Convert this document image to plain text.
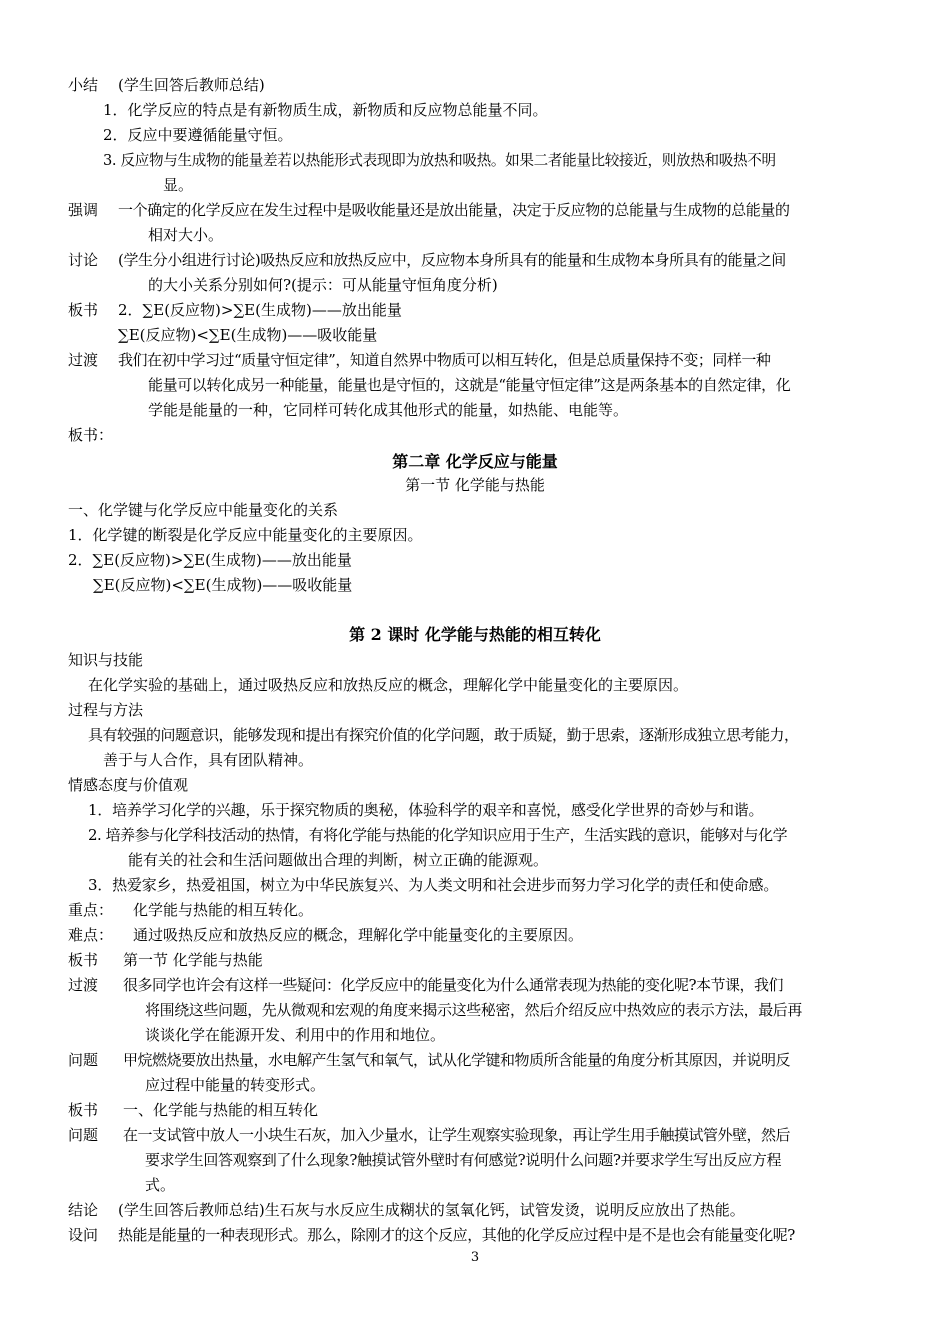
小结 (学生回答后教师总结)
1．化学反应的特点是有新物质生成，新物质和反应物总能量不同。
2．反应中要遵循能量守恒。
3. 反应物与生成物的能量差若以热能形式表现即为放热和吸热。如果二者能量比较接近，则放热和吸热不明
显。
强调 一个确定的化学反应在发生过程中是吸收能量还是放出能量，决定于反应物的总能量与生成物的总能量的
相对大小。
讨论 (学生分小组进行讨论)吸热反应和放热反应中，反应物本身所具有的能量和生成物本身所具有的能量之间
的大小关系分别如何?(提示：可从能量守恒角度分析)
板书 2．∑E(反应物)>∑E(生成物)——放出能量
∑E(反应物)<∑E(生成物)——吸收能量
过渡 我们在初中学习过“质量守恒定律”，知道自然界中物质可以相互转化，但是总质量保持不变；同样一种
能量可以转化成另一种能量，能量也是守恒的，这就是“能量守恒定律”这是两条基本的自然定律，化
学能是能量的一种，它同样可转化成其他形式的能量，如热能、电能等。
板书：
第二章 化学反应与能量
第一节 化学能与热能
一、化学键与化学反应中能量变化的关系
1．化学键的断裂是化学反应中能量变化的主要原因。
2．∑E(反应物)>∑E(生成物)——放出能量
∑E(反应物)<∑E(生成物)——吸收能量
第 2 课时 化学能与热能的相互转化
知识与技能
在化学实验的基础上，通过吸热反应和放热反应的概念，理解化学中能量变化的主要原因。
过程与方法
具有较强的问题意识，能够发现和提出有探究价值的化学问题，敢于质疑，勤于思索，逐渐形成独立思考能力，
善于与人合作，具有团队精神。
情感态度与价值观
1．培养学习化学的兴趣，乐于探究物质的奥秘，体验科学的艰辛和喜悦，感受化学世界的奇妙与和谐。
2. 培养参与化学科技活动的热情，有将化学能与热能的化学知识应用于生产，生活实践的意识，能够对与化学
能有关的社会和生活问题做出合理的判断，树立正确的能源观。
3．热爱家乡，热爱祖国，树立为中华民族复兴、为人类文明和社会进步而努力学习化学的责任和使命感。
重点： 化学能与热能的相互转化。
难点： 通过吸热反应和放热反应的概念，理解化学中能量变化的主要原因。
板书 第一节 化学能与热能
过渡 很多同学也许会有这样一些疑问：化学反应中的能量变化为什么通常表现为热能的变化呢?本节课，我们
将围绕这些问题，先从微观和宏观的角度来揭示这些秘密，然后介绍反应中热效应的表示方法，最后再
谈谈化学在能源开发、利用中的作用和地位。
问题 甲烷燃烧要放出热量，水电解产生氢气和氧气，试从化学键和物质所含能量的角度分析其原因，并说明反
应过程中能量的转变形式。
板书 一、化学能与热能的相互转化
问题 在一支试管中放人一小块生石灰，加入少量水，让学生观察实验现象，再让学生用手触摸试管外壁，然后
要求学生回答观察到了什么现象?触摸试管外壁时有何感觉?说明什么问题?并要求学生写出反应方程
式。
结论 (学生回答后教师总结)生石灰与水反应生成糊状的氢氧化钙，试管发烫，说明反应放出了热能。
设问 热能是能量的一种表现形式。那么，除刚才的这个反应，其他的化学反应过程中是不是也会有能量变化呢?
3
